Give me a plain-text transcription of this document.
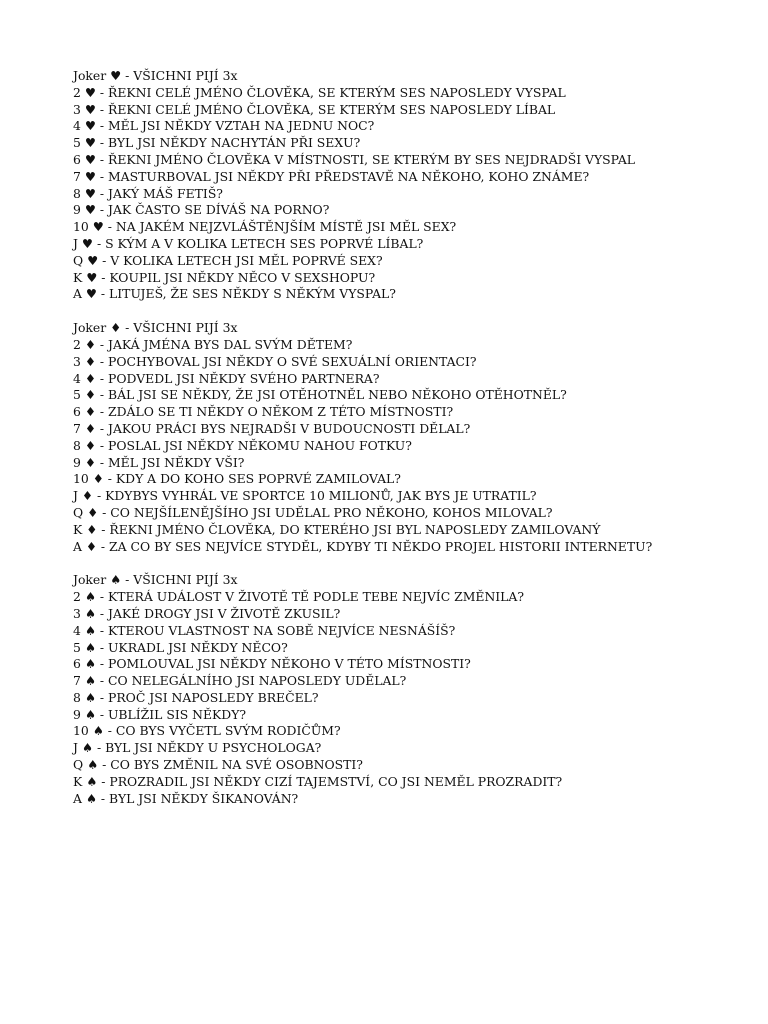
Joker ♥ - VŠICHNI PIJÍ 3x
2 ♥ - ŘEKNI CELÉ JMÉNO ČLOVĚKA, SE KTERÝM SES NAPOSLEDY VYSPAL
3 ♥ - ŘEKNI CELÉ JMÉNO ČLOVĚKA, SE KTERÝM SES NAPOSLEDY LÍBAL
4 ♥ - MĚL JSI NĚKDY VZTAH NA JEDNU NOC?
5 ♥ - BYL JSI NĚKDY NACHYTÁN PŘI SEXU?
6 ♥ - ŘEKNI JMÉNO ČLOVĚKA V MÍSTNOSTI, SE KTERÝM BY SES NEJDRADŠI VYSPAL
7 ♥ - MASTURBOVAL JSI NĚKDY PŘI PŘEDSTAVĚ NA NĚKOHO, KOHO ZNÁME?
8 ♥ - JAKÝ MÁŠ FETIŠ?
9 ♥ - JAK ČASTO SE DÍVÁŠ NA PORNO?
10 ♥ - NA JAKÉM NEJZVLÁŠTĚNJŠÍM MÍSTĚ JSI MĚL SEX?
J ♥ - S KÝM A V KOLIKA LETECH SES POPRVÉ LÍBAL?
Q ♥ - V KOLIKA LETECH JSI MĚL POPRVÉ SEX?
K ♥ - KOUPIL JSI NĚKDY NĚCO V SEXSHOPU?
A ♥ - LITUJEŠ, ŽE SES NĚKDY S NĚKÝM VYSPAL?
Joker ♦ - VŠICHNI PIJÍ 3x
2 ♦ - JAKÁ JMÉNA BYS DAL SVÝM DĚTEM?
3 ♦ - POCHYBOVAL JSI NĚKDY O SVÉ SEXUÁLNÍ ORIENTACI?
4 ♦ - PODVEDL JSI NĚKDY SVÉHO PARTNERA?
5 ♦ - BÁL JSI SE NĚKDY, ŽE JSI OTĚHOTNĚL NEBO NĚKOHO OTĚHOTNĚL?
6 ♦ - ZDÁLO SE TI NĚKDY O NĚKOM Z TÉTO MÍSTNOSTI?
7 ♦ - JAKOU PRÁCI BYS NEJRADŠI V BUDOUCNOSTI DĚLAL?
8 ♦ - POSLAL JSI NĚKDY NĚKOMU NAHOU FOTKU?
9 ♦ - MĚL JSI NĚKDY VŠI?
10 ♦ - KDY A DO KOHO SES POPRVÉ ZAMILOVAL?
J ♦ - KDYBYS VYHRÁL VE SPORTCE 10 MILIONŮ, JAK BYS JE UTRATIL?
Q ♦ - CO NEJŠÍLENĚJŠÍHO JSI UDĚLAL PRO NĚKOHO, KOHOS MILOVAL?
K ♦ - ŘEKNI JMÉNO ČLOVĚKA, DO KTERÉHO JSI BYL NAPOSLEDY ZAMILOVANÝ
A ♦ - ZA CO BY SES NEJVÍCE STYDĚL, KDYBY TI NĚKDO PROJEL HISTORII INTERNETU?
Joker ♠ - VŠICHNI PIJÍ 3x
2 ♠ - KTERÁ UDÁLOST V ŽIVOTĚ TĚ PODLE TEBE NEJVÍC ZMĚNILA?
3 ♠ - JAKÉ DROGY JSI V ŽIVOTĚ ZKUSIL?
4 ♠ - KTEROU VLASTNOST NA SOBĚ NEJVÍCE NESNÁŠÍŠ?
5 ♠ - UKRADL JSI NĚKDY NĚCO?
6 ♠ - POMLOUVAL JSI NĚKDY NĚKOHO V TÉTO MÍSTNOSTI?
7 ♠ - CO NELEGÁLNÍHO JSI NAPOSLEDY UDĚLAL?
8 ♠ - PROČ JSI NAPOSLEDY BREČEL?
9 ♠ - UBLÍŽIL SIS NĚKDY?
10 ♠ - CO BYS VYČETL SVÝM RODIČŮM?
J ♠ - BYL JSI NĚKDY U PSYCHOLOGA?
Q ♠ - CO BYS ZMĚNIL NA SVÉ OSOBNOSTI?
K ♠ - PROZRADIL JSI NĚKDY CIZÍ TAJEMSTVÍ, CO JSI NEMĚL PROZRADIT?
A ♠ - BYL JSI NĚKDY ŠIKANOVÁN?
